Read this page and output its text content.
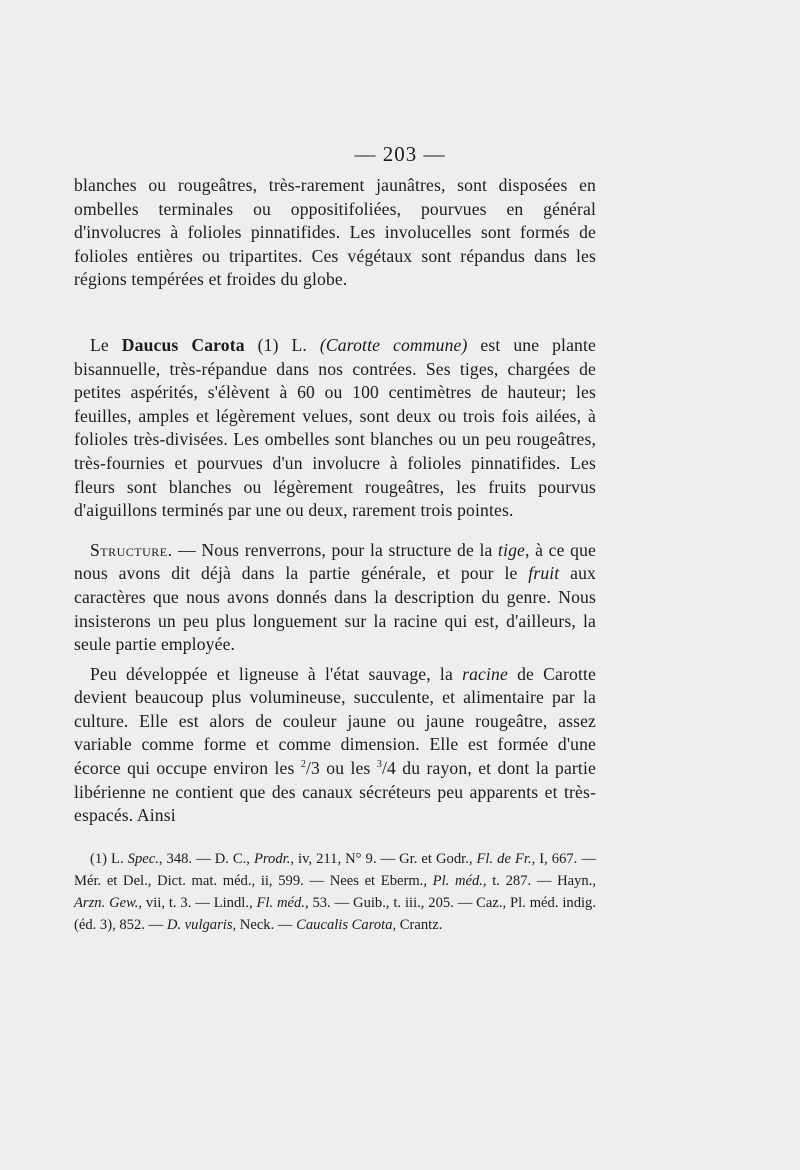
— 203 —

blanches ou rougeâtres, très-rarement jaunâtres, sont disposées en ombelles terminales ou oppositifoliées, pourvues en général d'involucres à folioles pinnatifides. Les involucelles sont formés de folioles entières ou tripartites. Ces végétaux sont répandus dans les régions tempérées et froides du globe.

Le Daucus Carota (1) L. (Carotte commune) est une plante bisannuelle, très-répandue dans nos contrées. Ses tiges, chargées de petites aspérités, s'élèvent à 60 ou 100 centimètres de hauteur; les feuilles, amples et légèrement velues, sont deux ou trois fois ailées, à folioles très-divisées. Les ombelles sont blanches ou un peu rougeâtres, très-fournies et pourvues d'un involucre à folioles pinnatifides. Les fleurs sont blanches ou légèrement rougeâtres, les fruits pourvus d'aiguillons terminés par une ou deux, rarement trois pointes.

Structure. — Nous renverrons, pour la structure de la tige, à ce que nous avons dit déjà dans la partie générale, et pour le fruit aux caractères que nous avons donnés dans la description du genre. Nous insisterons un peu plus longuement sur la racine qui est, d'ailleurs, la seule partie employée.

Peu développée et ligneuse à l'état sauvage, la racine de Carotte devient beaucoup plus volumineuse, succulente, et alimentaire par la culture. Elle est alors de couleur jaune ou jaune rougeâtre, assez variable comme forme et comme dimension. Elle est formée d'une écorce qui occupe environ les $^2$/3 ou les $^3$/4 du rayon, et dont la partie libérienne ne contient que des canaux sécréteurs peu apparents et très-espacés. Ainsi

(1) L. Spec., 348. — D. C., Prodr., iv, 211, N° 9. — Gr. et Godr., Fl. de Fr., I, 667. — Mér. et Del., Dict. mat. méd., ii, 599. — Nees et Eberm., Pl. méd., t. 287. — Hayn., Arzn. Gew., vii, t. 3. — Lindl., Fl. méd., 53. — Guib., t. iii., 205. — Caz., Pl. méd. indig. (éd. 3), 852. — D. vulgaris, Neck. — Caucalis Carota, Crantz.
